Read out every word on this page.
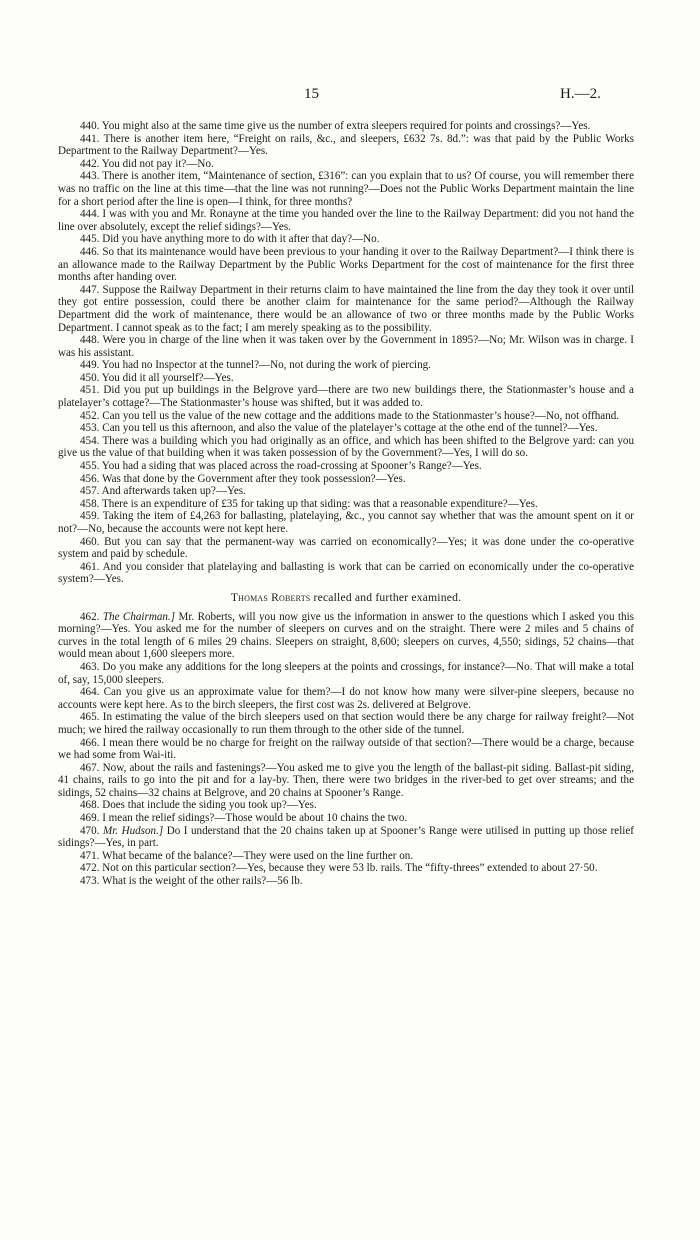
15	H.—2.

440. You might also at the same time give us the number of extra sleepers required for points and crossings?—Yes.

441. There is another item here, “Freight on rails, &c., and sleepers, £632 7s. 8d.”: was that paid by the Public Works Department to the Railway Department?—Yes.

442. You did not pay it?—No.

443. There is another item, “Maintenance of section, £316”: can you explain that to us? Of course, you will remember there was no traffic on the line at this time—that the line was not running?—Does not the Public Works Department maintain the line for a short period after the line is open—I think, for three months?

444. I was with you and Mr. Ronayne at the time you handed over the line to the Railway Department: did you not hand the line over absolutely, except the relief sidings?—Yes.

445. Did you have anything more to do with it after that day?—No.

446. So that its maintenance would have been previous to your handing it over to the Railway Department?—I think there is an allowance made to the Railway Department by the Public Works Department for the cost of maintenance for the first three months after handing over.

447. Suppose the Railway Department in their returns claim to have maintained the line from the day they took it over until they got entire possession, could there be another claim for maintenance for the same period?—Although the Railway Department did the work of maintenance, there would be an allowance of two or three months made by the Public Works Department. I cannot speak as to the fact; I am merely speaking as to the possibility.

448. Were you in charge of the line when it was taken over by the Government in 1895?—No; Mr. Wilson was in charge. I was his assistant.

449. You had no Inspector at the tunnel?—No, not during the work of piercing.

450. You did it all yourself?—Yes.

451. Did you put up buildings in the Belgrove yard—there are two new buildings there, the Stationmaster’s house and a platelayer’s cottage?—The Stationmaster’s house was shifted, but it was added to.

452. Can you tell us the value of the new cottage and the additions made to the Stationmaster’s house?—No, not offhand.

453. Can you tell us this afternoon, and also the value of the platelayer’s cottage at the othe end of the tunnel?—Yes.

454. There was a building which you had originally as an office, and which has been shifted to the Belgrove yard: can you give us the value of that building when it was taken possession of by the Government?—Yes, I will do so.

455. You had a siding that was placed across the road-crossing at Spooner’s Range?—Yes.

456. Was that done by the Government after they took possession?—Yes.

457. And afterwards taken up?—Yes.

458. There is an expenditure of £35 for taking up that siding: was that a reasonable expenditure?—Yes.

459. Taking the item of £4,263 for ballasting, platelaying, &c., you cannot say whether that was the amount spent on it or not?—No, because the accounts were not kept here.

460. But you can say that the permanent-way was carried on economically?—Yes; it was done under the co-operative system and paid by schedule.

461. And you consider that platelaying and ballasting is work that can be carried on economically under the co-operative system?—Yes.

Thomas Roberts recalled and further examined.

462. The Chairman.] Mr. Roberts, will you now give us the information in answer to the questions which I asked you this morning?—Yes. You asked me for the number of sleepers on curves and on the straight. There were 2 miles and 5 chains of curves in the total length of 6 miles 29 chains. Sleepers on straight, 8,600; sleepers on curves, 4,550; sidings, 52 chains—that would mean about 1,600 sleepers more.

463. Do you make any additions for the long sleepers at the points and crossings, for instance?—No. That will make a total of, say, 15,000 sleepers.

464. Can you give us an approximate value for them?—I do not know how many were silver-pine sleepers, because no accounts were kept here. As to the birch sleepers, the first cost was 2s. delivered at Belgrove.

465. In estimating the value of the birch sleepers used on that section would there be any charge for railway freight?—Not much; we hired the railway occasionally to run them through to the other side of the tunnel.

466. I mean there would be no charge for freight on the railway outside of that section?—There would be a charge, because we had some from Wai-iti.

467. Now, about the rails and fastenings?—You asked me to give you the length of the ballast-pit siding. Ballast-pit siding, 41 chains, rails to go into the pit and for a lay-by. Then, there were two bridges in the river-bed to get over streams; and the sidings, 52 chains—32 chains at Belgrove, and 20 chains at Spooner’s Range.

468. Does that include the siding you took up?—Yes.

469. I mean the relief sidings?—Those would be about 10 chains the two.

470. Mr. Hudson.] Do I understand that the 20 chains taken up at Spooner’s Range were utilised in putting up those relief sidings?—Yes, in part.

471. What became of the balance?—They were used on the line further on.

472. Not on this particular section?—Yes, because they were 53 lb. rails. The “fifty-threes” extended to about 27·50.

473. What is the weight of the other rails?—56 lb.
